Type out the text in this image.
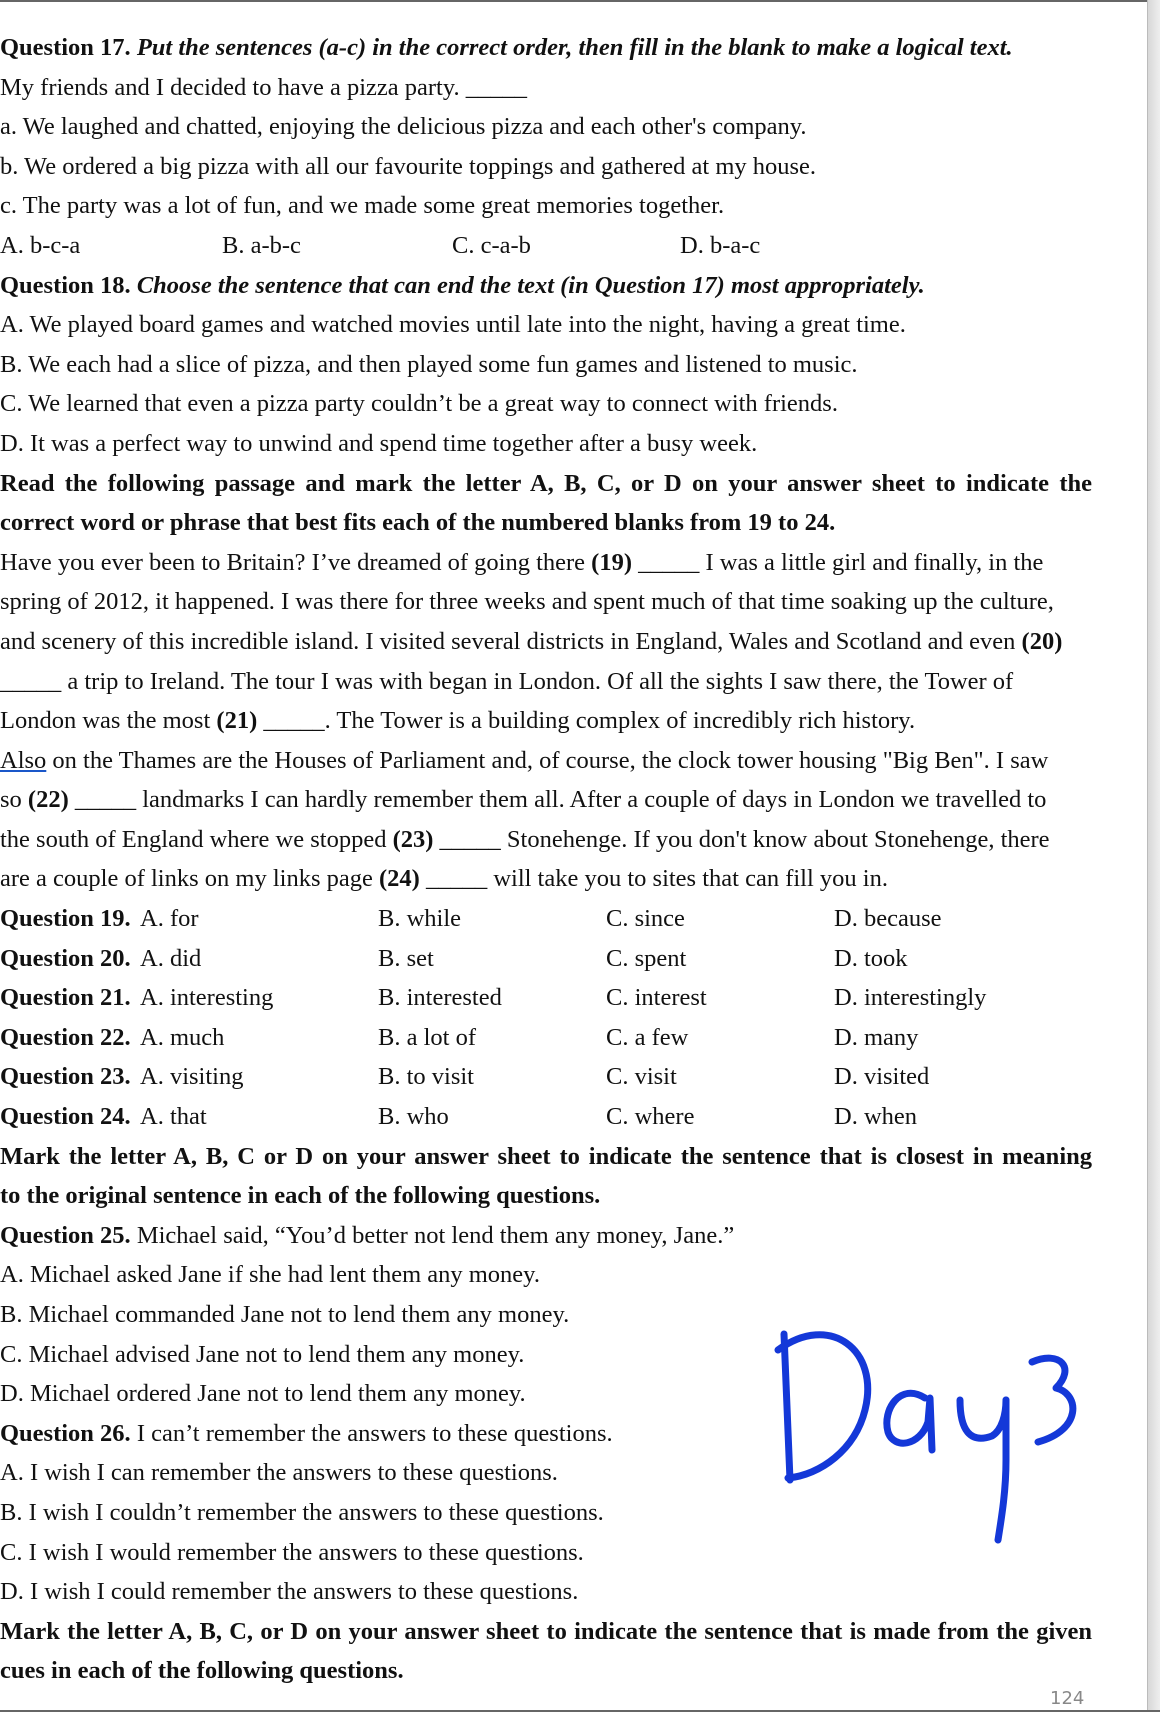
Question 17. Put the sentences (a-c) in the correct order, then fill in the blank to make a logical text.
My friends and I decided to have a pizza party. _____
a. We laughed and chatted, enjoying the delicious pizza and each other's company.
b. We ordered a big pizza with all our favourite toppings and gathered at my house.
c. The party was a lot of fun, and we made some great memories together.
A. b-c-a	B. a-b-c	C. c-a-b	D. b-a-c
Question 18. Choose the sentence that can end the text (in Question 17) most appropriately.
A. We played board games and watched movies until late into the night, having a great time.
B. We each had a slice of pizza, and then played some fun games and listened to music.
C. We learned that even a pizza party couldn’t be a great way to connect with friends.
D. It was a perfect way to unwind and spend time together after a busy week.
Read the following passage and mark the letter A, B, C, or D on your answer sheet to indicate the
correct word or phrase that best fits each of the numbered blanks from 19 to 24.
Have you ever been to Britain? I’ve dreamed of going there (19) _____ I was a little girl and finally, in the
spring of 2012, it happened. I was there for three weeks and spent much of that time soaking up the culture,
and scenery of this incredible island. I visited several districts in England, Wales and Scotland and even (20)
_____ a trip to Ireland. The tour I was with began in London. Of all the sights I saw there, the Tower of
London was the most (21) _____. The Tower is a building complex of incredibly rich history.
Also on the Thames are the Houses of Parliament and, of course, the clock tower housing "Big Ben". I saw
so (22) _____ landmarks I can hardly remember them all. After a couple of days in London we travelled to
the south of England where we stopped (23) _____ Stonehenge. If you don't know about Stonehenge, there
are a couple of links on my links page (24) _____ will take you to sites that can fill you in.
Question 19. A. for	B. while	C. since	D. because
Question 20. A. did	B. set	C. spent	D. took
Question 21. A. interesting	B. interested	C. interest	D. interestingly
Question 22. A. much	B. a lot of	C. a few	D. many
Question 23. A. visiting	B. to visit	C. visit	D. visited
Question 24. A. that	B. who	C. where	D. when
Mark the letter A, B, C or D on your answer sheet to indicate the sentence that is closest in meaning
to the original sentence in each of the following questions.
Question 25. Michael said, “You’d better not lend them any money, Jane.”
A. Michael asked Jane if she had lent them any money.
B. Michael commanded Jane not to lend them any money.
C. Michael advised Jane not to lend them any money.
D. Michael ordered Jane not to lend them any money.
Question 26. I can’t remember the answers to these questions.
A. I wish I can remember the answers to these questions.
B. I wish I couldn’t remember the answers to these questions.
C. I wish I would remember the answers to these questions.
D. I wish I could remember the answers to these questions.
Mark the letter A, B, C, or D on your answer sheet to indicate the sentence that is made from the given
cues in each of the following questions.
124
